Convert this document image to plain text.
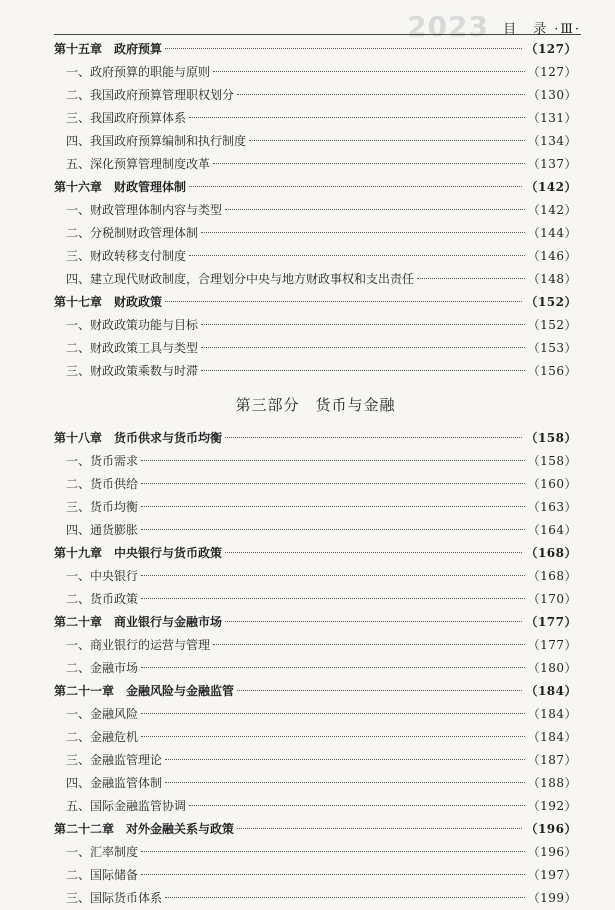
2023 目　录 ·Ⅲ·
第十五章　政府预算	（127）
一、政府预算的职能与原则	（127）
二、我国政府预算管理职权划分	（130）
三、我国政府预算体系	（131）
四、我国政府预算编制和执行制度	（134）
五、深化预算管理制度改革	（137）
第十六章　财政管理体制	（142）
一、财政管理体制内容与类型	（142）
二、分税制财政管理体制	（144）
三、财政转移支付制度	（146）
四、建立现代财政制度，合理划分中央与地方财政事权和支出责任	（148）
第十七章　财政政策	（152）
一、财政政策功能与目标	（152）
二、财政政策工具与类型	（153）
三、财政政策乘数与时滞	（156）
第三部分　货币与金融
第十八章　货币供求与货币均衡	（158）
一、货币需求	（158）
二、货币供给	（160）
三、货币均衡	（163）
四、通货膨胀	（164）
第十九章　中央银行与货币政策	（168）
一、中央银行	（168）
二、货币政策	（170）
第二十章　商业银行与金融市场	（177）
一、商业银行的运营与管理	（177）
二、金融市场	（180）
第二十一章　金融风险与金融监管	（184）
一、金融风险	（184）
二、金融危机	（184）
三、金融监管理论	（187）
四、金融监管体制	（188）
五、国际金融监管协调	（192）
第二十二章　对外金融关系与政策	（196）
一、汇率制度	（196）
二、国际储备	（197）
三、国际货币体系	（199）
